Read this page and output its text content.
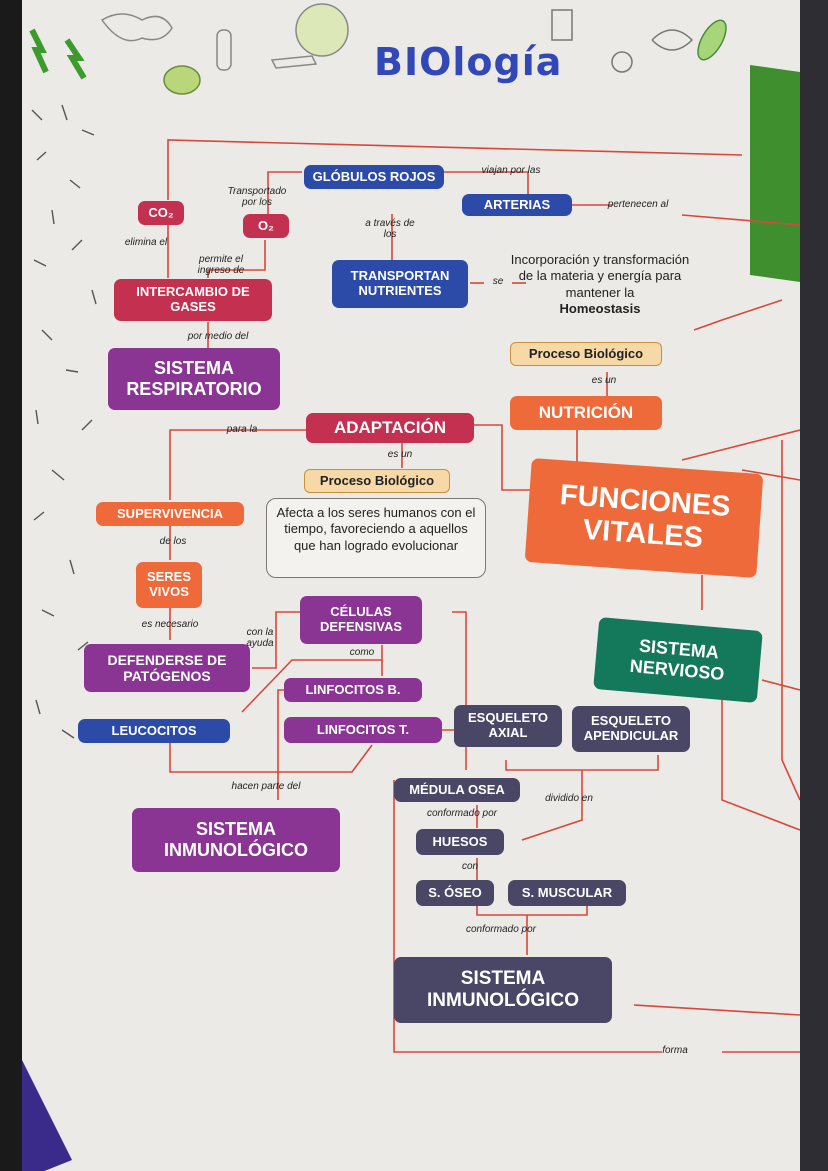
BIOlogía
CO₂
O₂
GLÓBULOS ROJOS
ARTERIAS
INTERCAMBIO DE GASES
TRANSPORTAN NUTRIENTES
SISTEMA RESPIRATORIO
ADAPTACIÓN
NUTRICIÓN
Incorporación y transformación de la materia y energía para mantener la
Homeostasis
Proceso Biológico
Proceso Biológico
Afecta a los seres humanos con el tiempo, favoreciendo a aquellos que han logrado evolucionar
FUNCIONES VITALES
SUPERVIVENCIA
SERES VIVOS
CÉLULAS DEFENSIVAS
DEFENDERSE DE PATÓGENOS
LINFOCITOS B.
LINFOCITOS T.
LEUCOCITOS
SISTEMA NERVIOSO
ESQUELETO AXIAL
ESQUELETO APENDICULAR
MÉDULA OSEA
HUESOS
S. ÓSEO	S. MUSCULAR
SISTEMA INMUNOLÓGICO
SISTEMA INMUNOLÓGICO
viajan por las
pertenecen al
Transportado por los
elimina el
a través de los
permite el ingreso de
se
por medio del
es un
para la
es un
de los
es necesario
con la ayuda
como
hacen parte del
dividido en
conformado por
con
conformado por
forma
